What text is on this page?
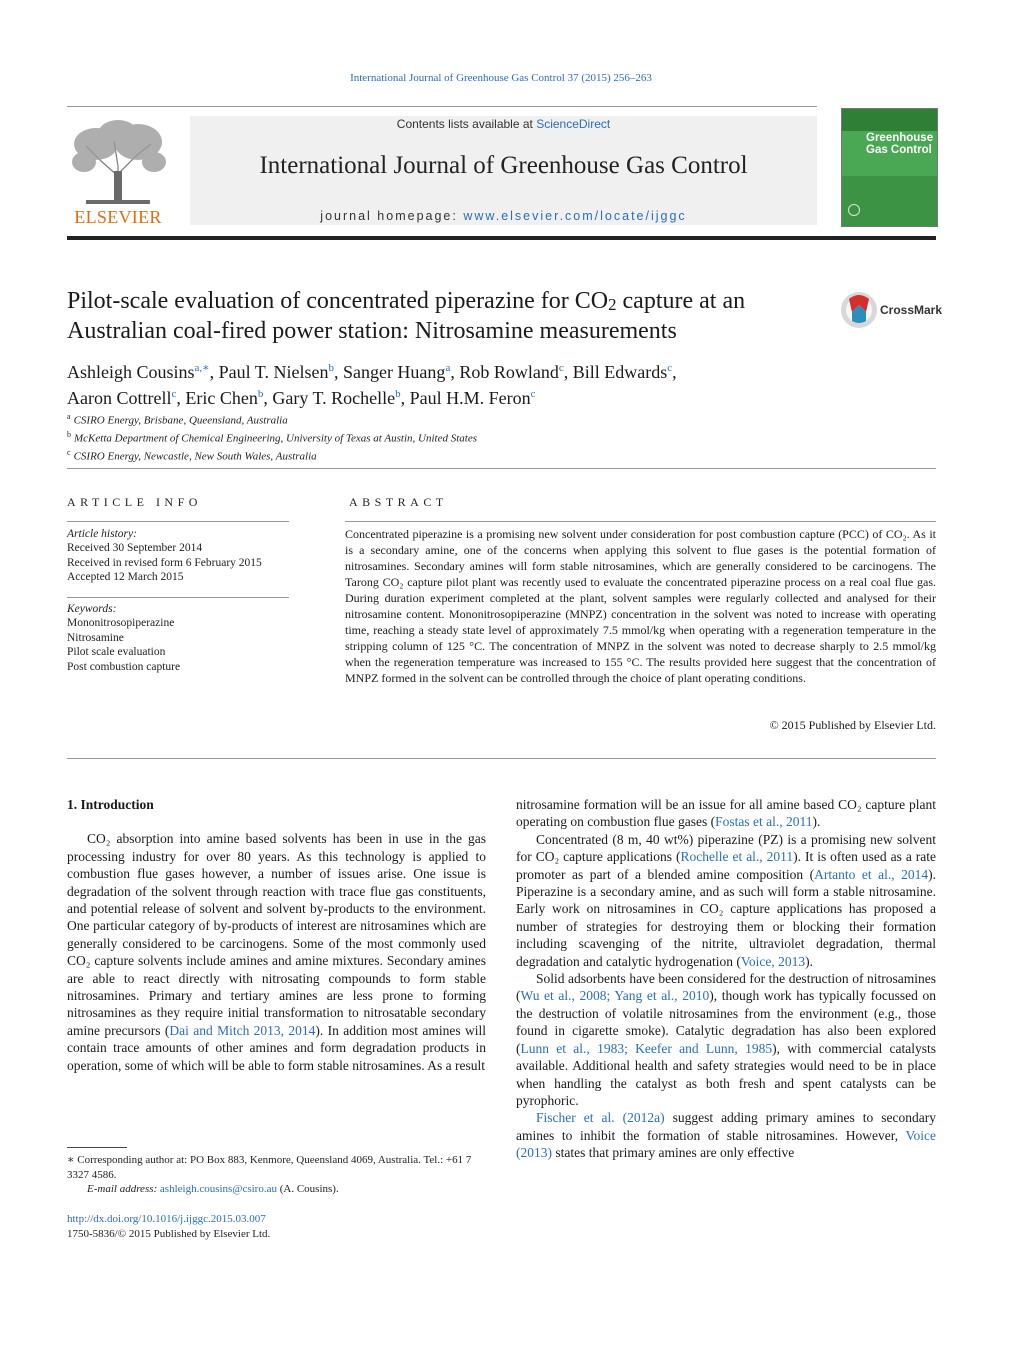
International Journal of Greenhouse Gas Control 37 (2015) 256–263
ELSEVIER
Contents lists available at ScienceDirect
International Journal of Greenhouse Gas Control
journal homepage: www.elsevier.com/locate/ijggc
Greenhouse
Gas Control
Pilot-scale evaluation of concentrated piperazine for $CO_2$ capture at an Australian coal-fired power station: Nitrosamine measurements
CrossMark
Ashleigh Cousins$^{a,∗}$, Paul T. Nielsen$^b$, Sanger Huang$^a$, Rob Rowland$^c$, Bill Edwards$^c$,
Aaron Cottrell$^c$, Eric Chen$^b$, Gary T. Rochelle$^b$, Paul H.M. Feron$^c$
$^a$ CSIRO Energy, Brisbane, Queensland, Australia
$^b$ McKetta Department of Chemical Engineering, University of Texas at Austin, United States
$^c$ CSIRO Energy, Newcastle, New South Wales, Australia
ARTICLE INFO
Article history:
Received 30 September 2014
Received in revised form 6 February 2015
Accepted 12 March 2015
Keywords:
Mononitrosopiperazine
Nitrosamine
Pilot scale evaluation
Post combustion capture
ABSTRACT
Concentrated piperazine is a promising new solvent under consideration for post combustion capture (PCC) of CO₂. As it is a secondary amine, one of the concerns when applying this solvent to flue gases is the potential formation of nitrosamines. Secondary amines will form stable nitrosamines, which are generally considered to be carcinogens. The Tarong CO₂ capture pilot plant was recently used to evaluate the concentrated piperazine process on a real coal flue gas. During duration experiment completed at the plant, solvent samples were regularly collected and analysed for their nitrosamine content. Mononitrosopiperazine (MNPZ) concentration in the solvent was noted to increase with operating time, reaching a steady state level of approximately 7.5 mmol/kg when operating with a regeneration temperature in the stripping column of 125 °C. The concentration of MNPZ in the solvent was noted to decrease sharply to 2.5 mmol/kg when the regeneration temperature was increased to 155 °C. The results provided here suggest that the concentration of MNPZ formed in the solvent can be controlled through the choice of plant operating conditions.
© 2015 Published by Elsevier Ltd.

1. Introduction

CO₂ absorption into amine based solvents has been in use in the gas processing industry for over 80 years. As this technology is applied to combustion flue gases however, a number of issues arise. One issue is degradation of the solvent through reaction with trace flue gas constituents, and potential release of solvent and solvent by-products to the environment. One particular category of by-products of interest are nitrosamines which are generally considered to be carcinogens. Some of the most commonly used CO₂ capture solvents include amines and amine mixtures. Secondary amines are able to react directly with nitrosating compounds to form stable nitrosamines. Primary and tertiary amines are less prone to forming nitrosamines as they require initial transformation to nitrosatable secondary amine precursors (Dai and Mitch 2013, 2014). In addition most amines will contain trace amounts of other amines and form degradation products in operation, some of which will be able to form stable nitrosamines. As a result

nitrosamine formation will be an issue for all amine based CO₂ capture plant operating on combustion flue gases (Fostas et al., 2011).

Concentrated (8 m, 40 wt%) piperazine (PZ) is a promising new solvent for CO₂ capture applications (Rochelle et al., 2011). It is often used as a rate promoter as part of a blended amine composition (Artanto et al., 2014). Piperazine is a secondary amine, and as such will form a stable nitrosamine. Early work on nitrosamines in CO₂ capture applications has proposed a number of strategies for destroying them or blocking their formation including scavenging of the nitrite, ultraviolet degradation, thermal degradation and catalytic hydrogenation (Voice, 2013).

Solid adsorbents have been considered for the destruction of nitrosamines (Wu et al., 2008; Yang et al., 2010), though work has typically focussed on the destruction of volatile nitrosamines from the environment (e.g., those found in cigarette smoke). Catalytic degradation has also been explored (Lunn et al., 1983; Keefer and Lunn, 1985), with commercial catalysts available. Additional health and safety strategies would need to be in place when handling the catalyst as both fresh and spent catalysts can be pyrophoric.

Fischer et al. (2012a) suggest adding primary amines to secondary amines to inhibit the formation of stable nitrosamines. However, Voice (2013) states that primary amines are only effective

∗ Corresponding author at: PO Box 883, Kenmore, Queensland 4069, Australia. Tel.: +61 7 3327 4586.
E-mail address: ashleigh.cousins@csiro.au (A. Cousins).
http://dx.doi.org/10.1016/j.ijggc.2015.03.007
1750-5836/© 2015 Published by Elsevier Ltd.
